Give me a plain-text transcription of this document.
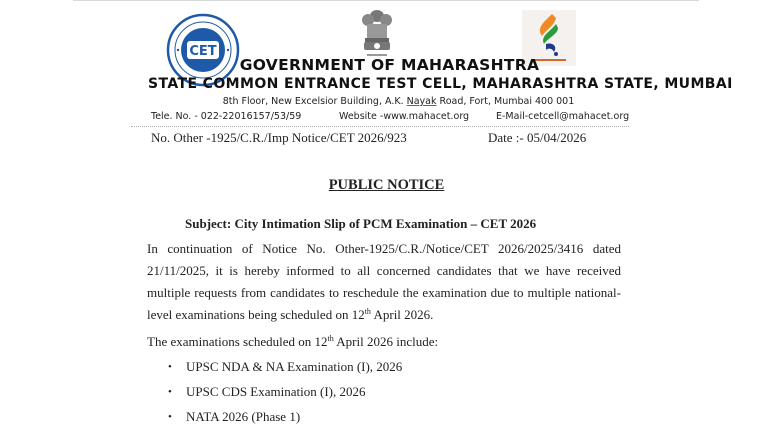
CET
GOVERNMENT OF MAHARASHTRA
STATE COMMON ENTRANCE TEST CELL, MAHARASHTRA STATE, MUMBAI
8th Floor, New Excelsior Building, A.K. Nayak Road, Fort, Mumbai 400 001
Tele. No. - 022-22016157/53/59	Website -www.mahacet.org	E-Mail-cetcell@mahacet.org
No. Other -1925/C.R./Imp Notice/CET 2026/923	Date :- 05/04/2026
PUBLIC NOTICE
Subject: City Intimation Slip of PCM Examination – CET 2026
In continuation of Notice No. Other-1925/C.R./Notice/CET 2026/2025/3416 dated 21/11/2025, it is hereby informed to all concerned candidates that we have received multiple requests from candidates to reschedule the examination due to multiple national-level examinations being scheduled on 12th April 2026.
The examinations scheduled on 12th April 2026 include:
• UPSC NDA & NA Examination (I), 2026
• UPSC CDS Examination (I), 2026
• NATA 2026 (Phase 1)
